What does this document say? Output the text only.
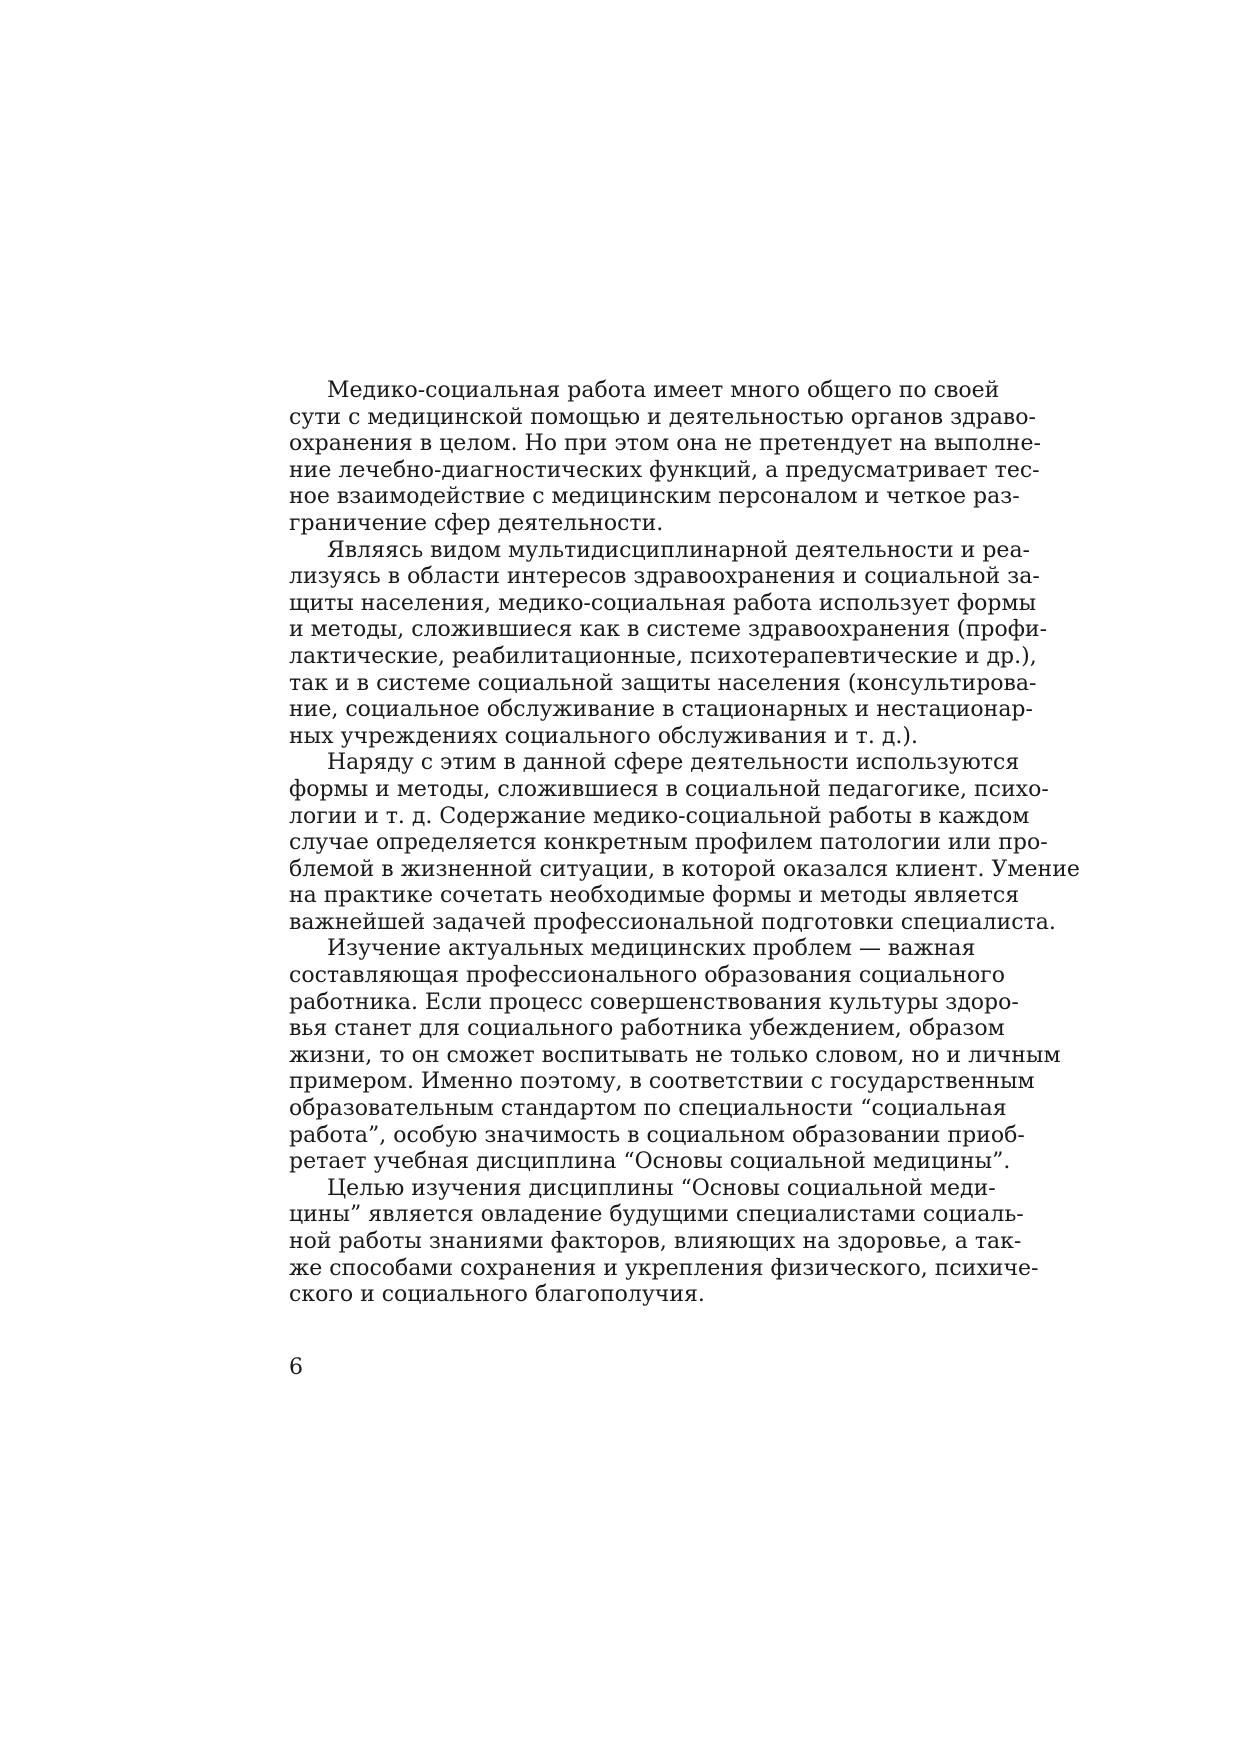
Медико-социальная работа имеет много общего по своей
сути с медицинской помощью и деятельностью органов здраво-
охранения в целом. Но при этом она не претендует на выполне-
ние лечебно-диагностических функций, а предусматривает тес-
ное взаимодействие с медицинским персоналом и четкое раз-
граничение сфер деятельности.

Являясь видом мультидисциплинарной деятельности и реа-
лизуясь в области интересов здравоохранения и социальной за-
щиты населения, медико-социальная работа использует формы
и методы, сложившиеся как в системе здравоохранения (профи-
лактические, реабилитационные, психотерапевтические и др.),
так и в системе социальной защиты населения (консультирова-
ние, социальное обслуживание в стационарных и нестационар-
ных учреждениях социального обслуживания и т. д.).

Наряду с этим в данной сфере деятельности используются
формы и методы, сложившиеся в социальной педагогике, психо-
логии и т. д. Содержание медико-социальной работы в каждом
случае определяется конкретным профилем патологии или про-
блемой в жизненной ситуации, в которой оказался клиент. Умение
на практике сочетать необходимые формы и методы является
важнейшей задачей профессиональной подготовки специалиста.

Изучение актуальных медицинских проблем — важная
составляющая профессионального образования социального
работника. Если процесс совершенствования культуры здоро-
вья станет для социального работника убеждением, образом
жизни, то он сможет воспитывать не только словом, но и личным
примером. Именно поэтому, в соответствии с государственным
образовательным стандартом по специальности “социальная
работа”, особую значимость в социальном образовании приоб-
ретает учебная дисциплина “Основы социальной медицины”.

Целью изучения дисциплины “Основы социальной меди-
цины” является овладение будущими специалистами социаль-
ной работы знаниями факторов, влияющих на здоровье, а так-
же способами сохранения и укрепления физического, психиче-
ского и социального благополучия.

6
